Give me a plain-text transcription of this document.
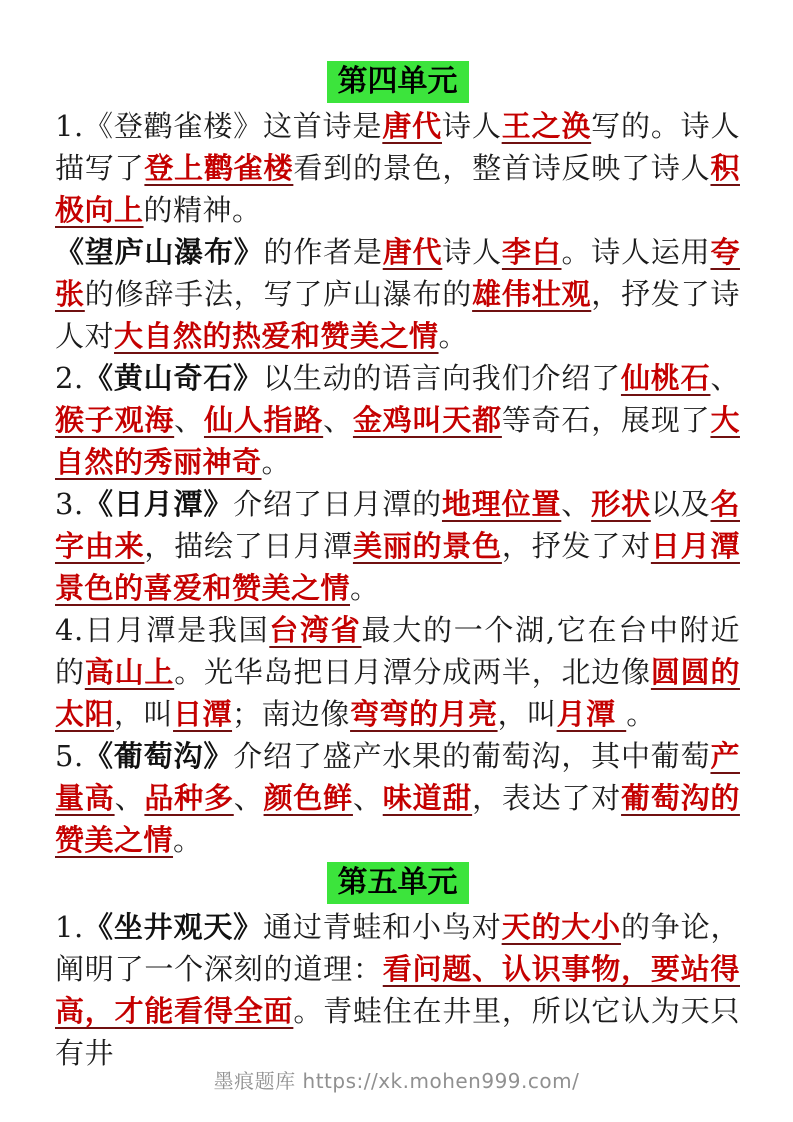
第四单元

1.《登鹳雀楼》这首诗是唐代诗人王之涣写的。诗人描写了登上鹳雀楼看到的景色，整首诗反映了诗人积极向上的精神。

《望庐山瀑布》的作者是唐代诗人李白。诗人运用夸张的修辞手法，写了庐山瀑布的雄伟壮观，抒发了诗人对大自然的热爱和赞美之情。

2.《黄山奇石》以生动的语言向我们介绍了仙桃石、猴子观海、仙人指路、金鸡叫天都等奇石，展现了大自然的秀丽神奇。

3.《日月潭》介绍了日月潭的地理位置、形状以及名字由来，描绘了日月潭美丽的景色，抒发了对日月潭景色的喜爱和赞美之情。

4.日月潭是我国台湾省最大的一个湖,它在台中附近的高山上。光华岛把日月潭分成两半，北边像圆圆的太阳，叫日潭；南边像弯弯的月亮，叫月潭 。

5.《葡萄沟》介绍了盛产水果的葡萄沟，其中葡萄产量高、品种多、颜色鲜、味道甜，表达了对葡萄沟的赞美之情。

第五单元

1.《坐井观天》通过青蛙和小鸟对天的大小的争论，阐明了一个深刻的道理：看问题、认识事物，要站得高，才能看得全面。青蛙住在井里，所以它认为天只有井

墨痕题库 https://xk.mohen999.com/
